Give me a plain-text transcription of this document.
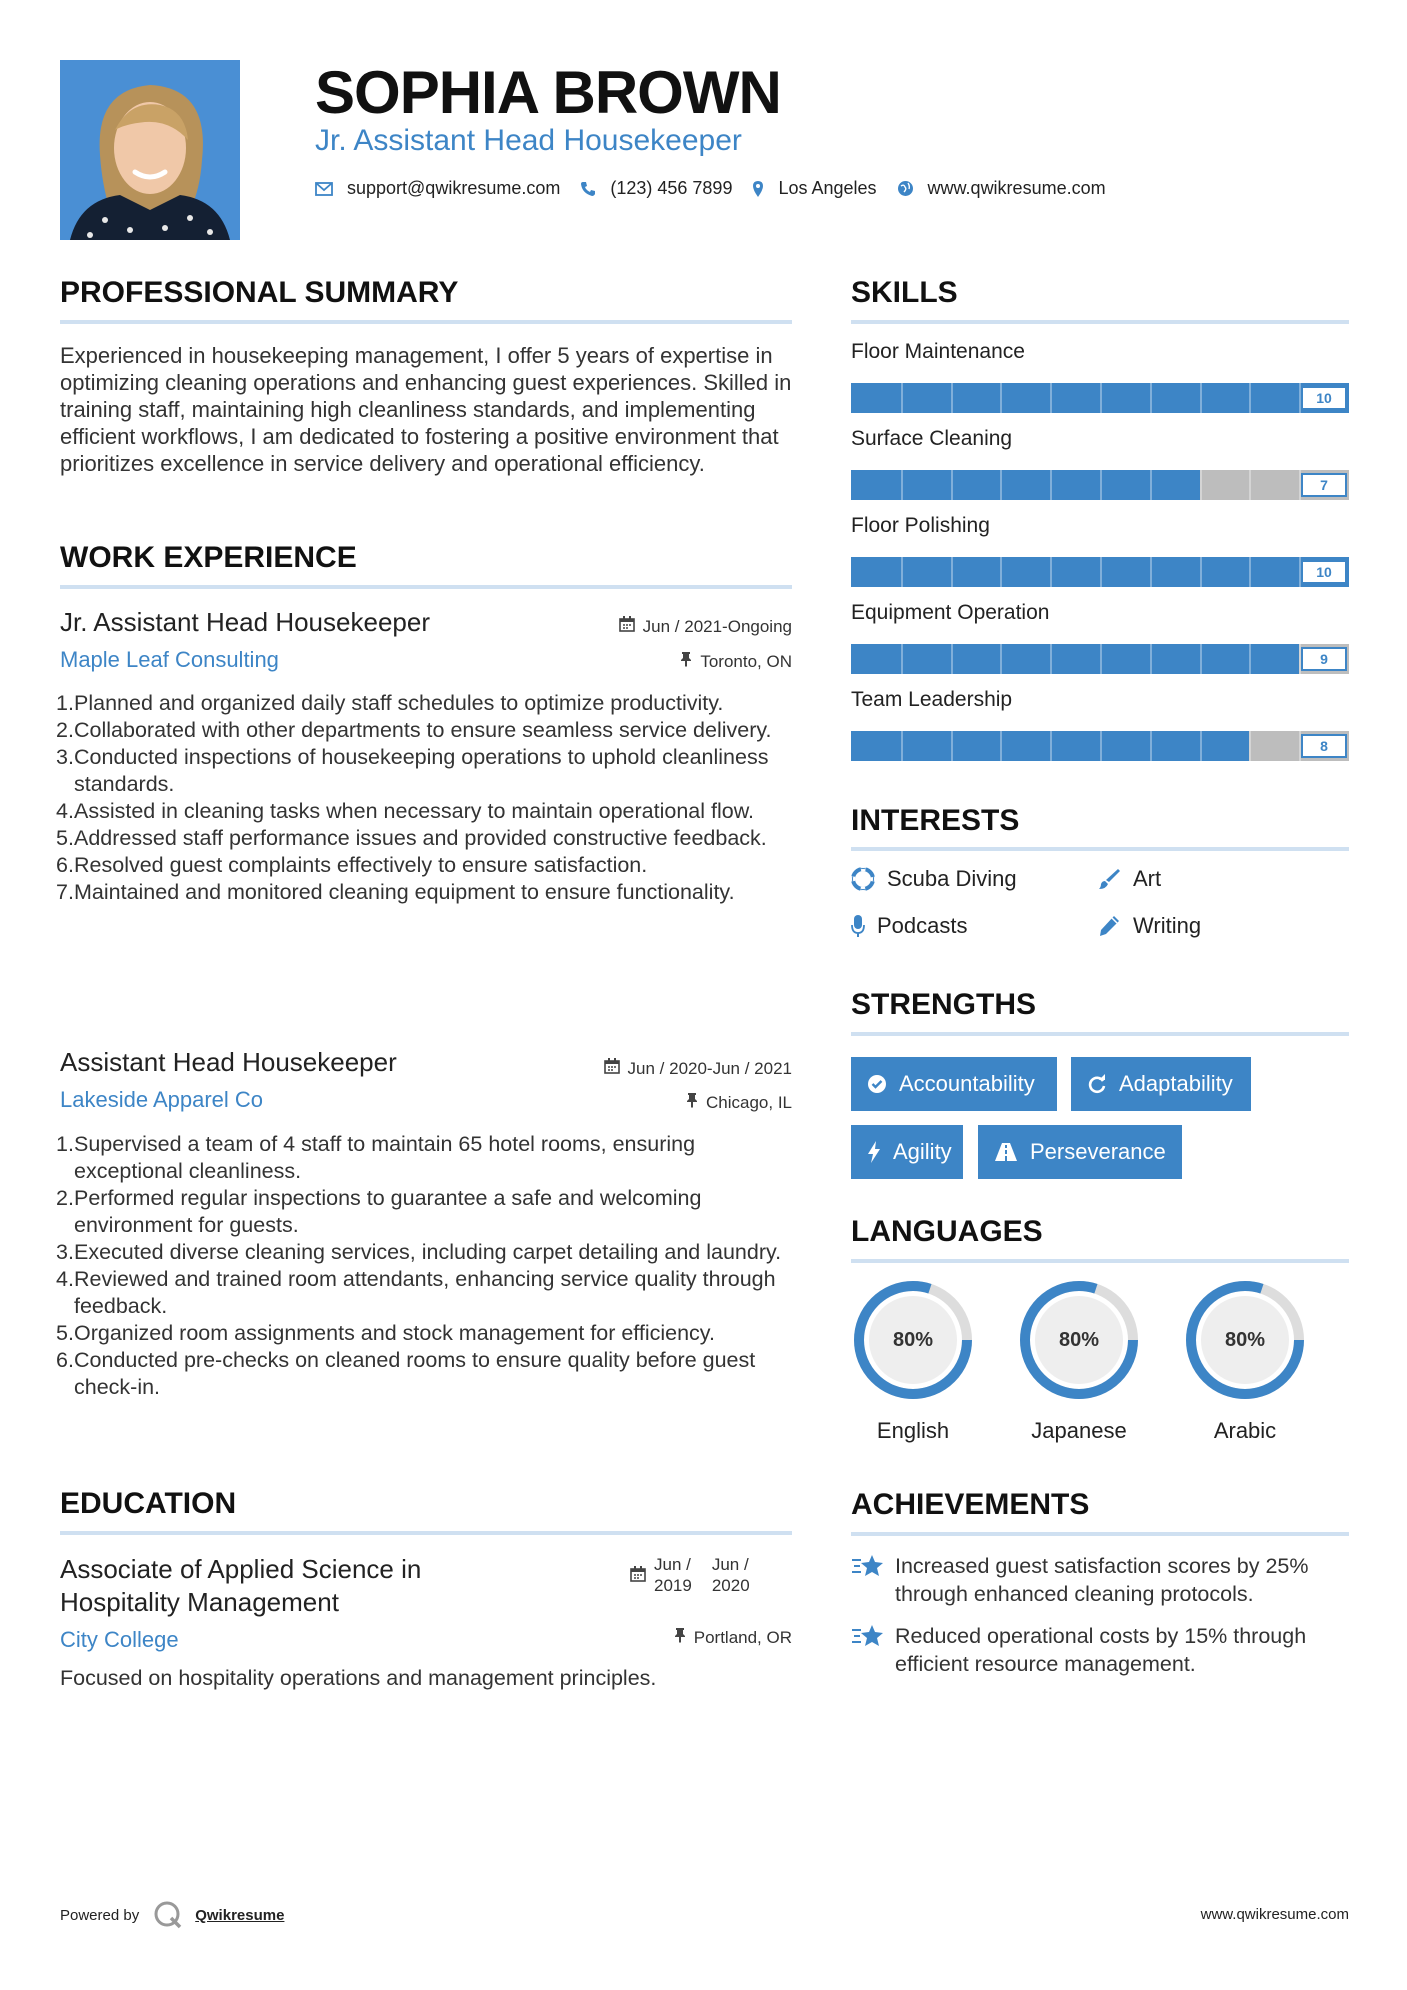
SOPHIA BROWN
Jr. Assistant Head Housekeeper
support@qwikresume.com	(123) 456 7899	Los Angeles	www.qwikresume.com
PROFESSIONAL SUMMARY
Experienced in housekeeping management, I offer 5 years of expertise in optimizing cleaning operations and enhancing guest experiences. Skilled in training staff, maintaining high cleanliness standards, and implementing efficient workflows, I am dedicated to fostering a positive environment that prioritizes excellence in service delivery and operational efficiency.
WORK EXPERIENCE
Jr. Assistant Head Housekeeper
Maple Leaf Consulting
Jun / 2021-Ongoing
Toronto, ON
1. Planned and organized daily staff schedules to optimize productivity.
2. Collaborated with other departments to ensure seamless service delivery.
3. Conducted inspections of housekeeping operations to uphold cleanliness standards.
4. Assisted in cleaning tasks when necessary to maintain operational flow.
5. Addressed staff performance issues and provided constructive feedback.
6. Resolved guest complaints effectively to ensure satisfaction.
7. Maintained and monitored cleaning equipment to ensure functionality.
Assistant Head Housekeeper
Lakeside Apparel Co
Jun / 2020-Jun / 2021
Chicago, IL
1. Supervised a team of 4 staff to maintain 65 hotel rooms, ensuring exceptional cleanliness.
2. Performed regular inspections to guarantee a safe and welcoming environment for guests.
3. Executed diverse cleaning services, including carpet detailing and laundry.
4. Reviewed and trained room attendants, enhancing service quality through feedback.
5. Organized room assignments and stock management for efficiency.
6. Conducted pre-checks on cleaned rooms to ensure quality before guest check-in.
EDUCATION
Associate of Applied Science in
Hospitality Management
City College
Jun /
2019
Jun /
2020
Portland, OR
Focused on hospitality operations and management principles.
SKILLS
Floor Maintenance
10
Surface Cleaning
7
Floor Polishing
10
Equipment Operation
9
Team Leadership
8
INTERESTS
Scuba Diving	Art
Podcasts	Writing
STRENGTHS
Accountability	Adaptability
Agility	Perseverance
LANGUAGES
80%
English
80%
Japanese
80%
Arabic
ACHIEVEMENTS
Increased guest satisfaction scores by 25% through enhanced cleaning protocols.
Reduced operational costs by 15% through efficient resource management.
Powered by	Qwikresume	www.qwikresume.com
